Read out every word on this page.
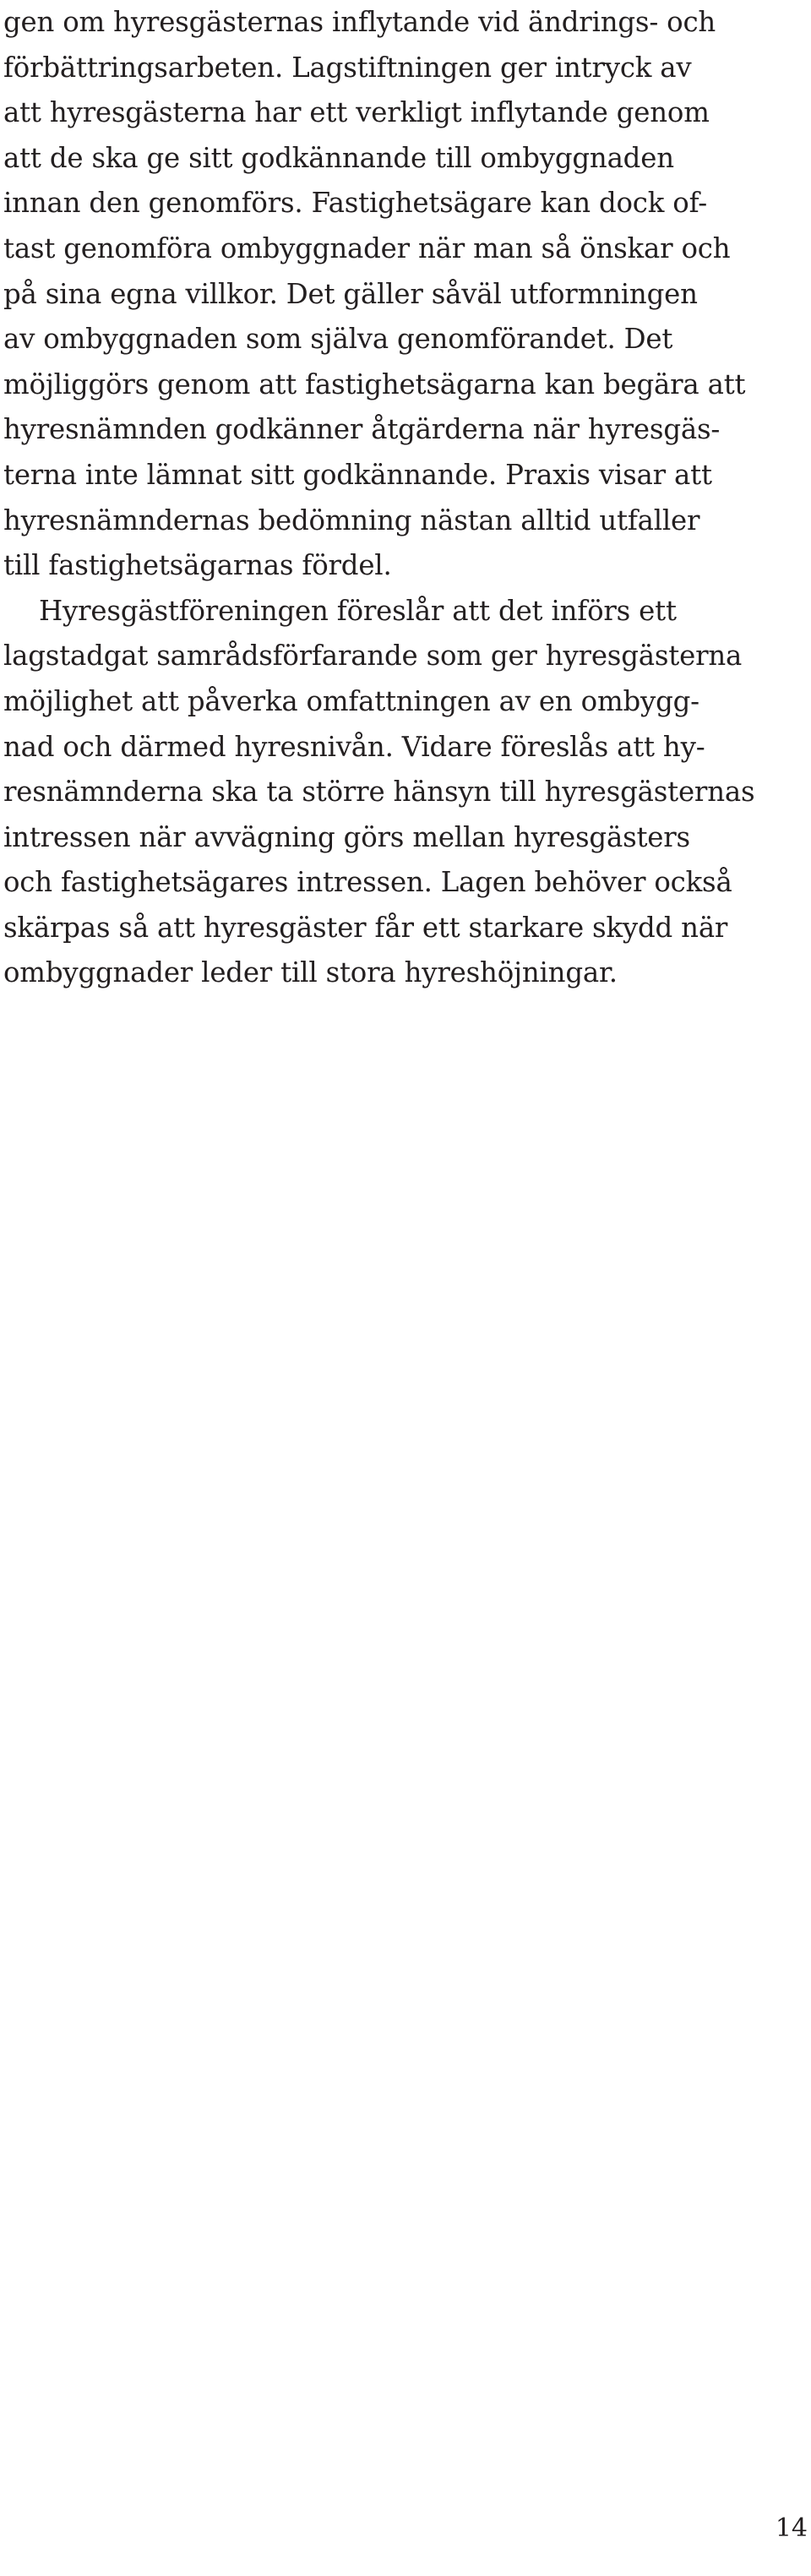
gen om hyresgästernas inflytande vid ändrings- och
förbättringsarbeten. Lagstiftningen ger intryck av
att hyresgästerna har ett verkligt inflytande genom
att de ska ge sitt godkännande till ombyggnaden
innan den genomförs. Fastighetsägare kan dock of-
tast genomföra ombyggnader när man så önskar och
på sina egna villkor. Det gäller såväl utformningen
av ombyggnaden som själva genomförandet. Det
möjliggörs genom att fastighetsägarna kan begära att
hyresnämnden godkänner åtgärderna när hyresgäs-
terna inte lämnat sitt godkännande. Praxis visar att
hyresnämndernas bedömning nästan alltid utfaller
till fastighetsägarnas fördel.
Hyresgästföreningen föreslår att det införs ett
lagstadgat samrådsförfarande som ger hyresgästerna
möjlighet att påverka omfattningen av en ombygg-
nad och därmed hyresnivån. Vidare föreslås att hy-
resnämnderna ska ta större hänsyn till hyresgästernas
intressen när avvägning görs mellan hyresgästers
och fastighetsägares intressen. Lagen behöver också
skärpas så att hyresgäster får ett starkare skydd när
ombyggnader leder till stora hyreshöjningar.
14
